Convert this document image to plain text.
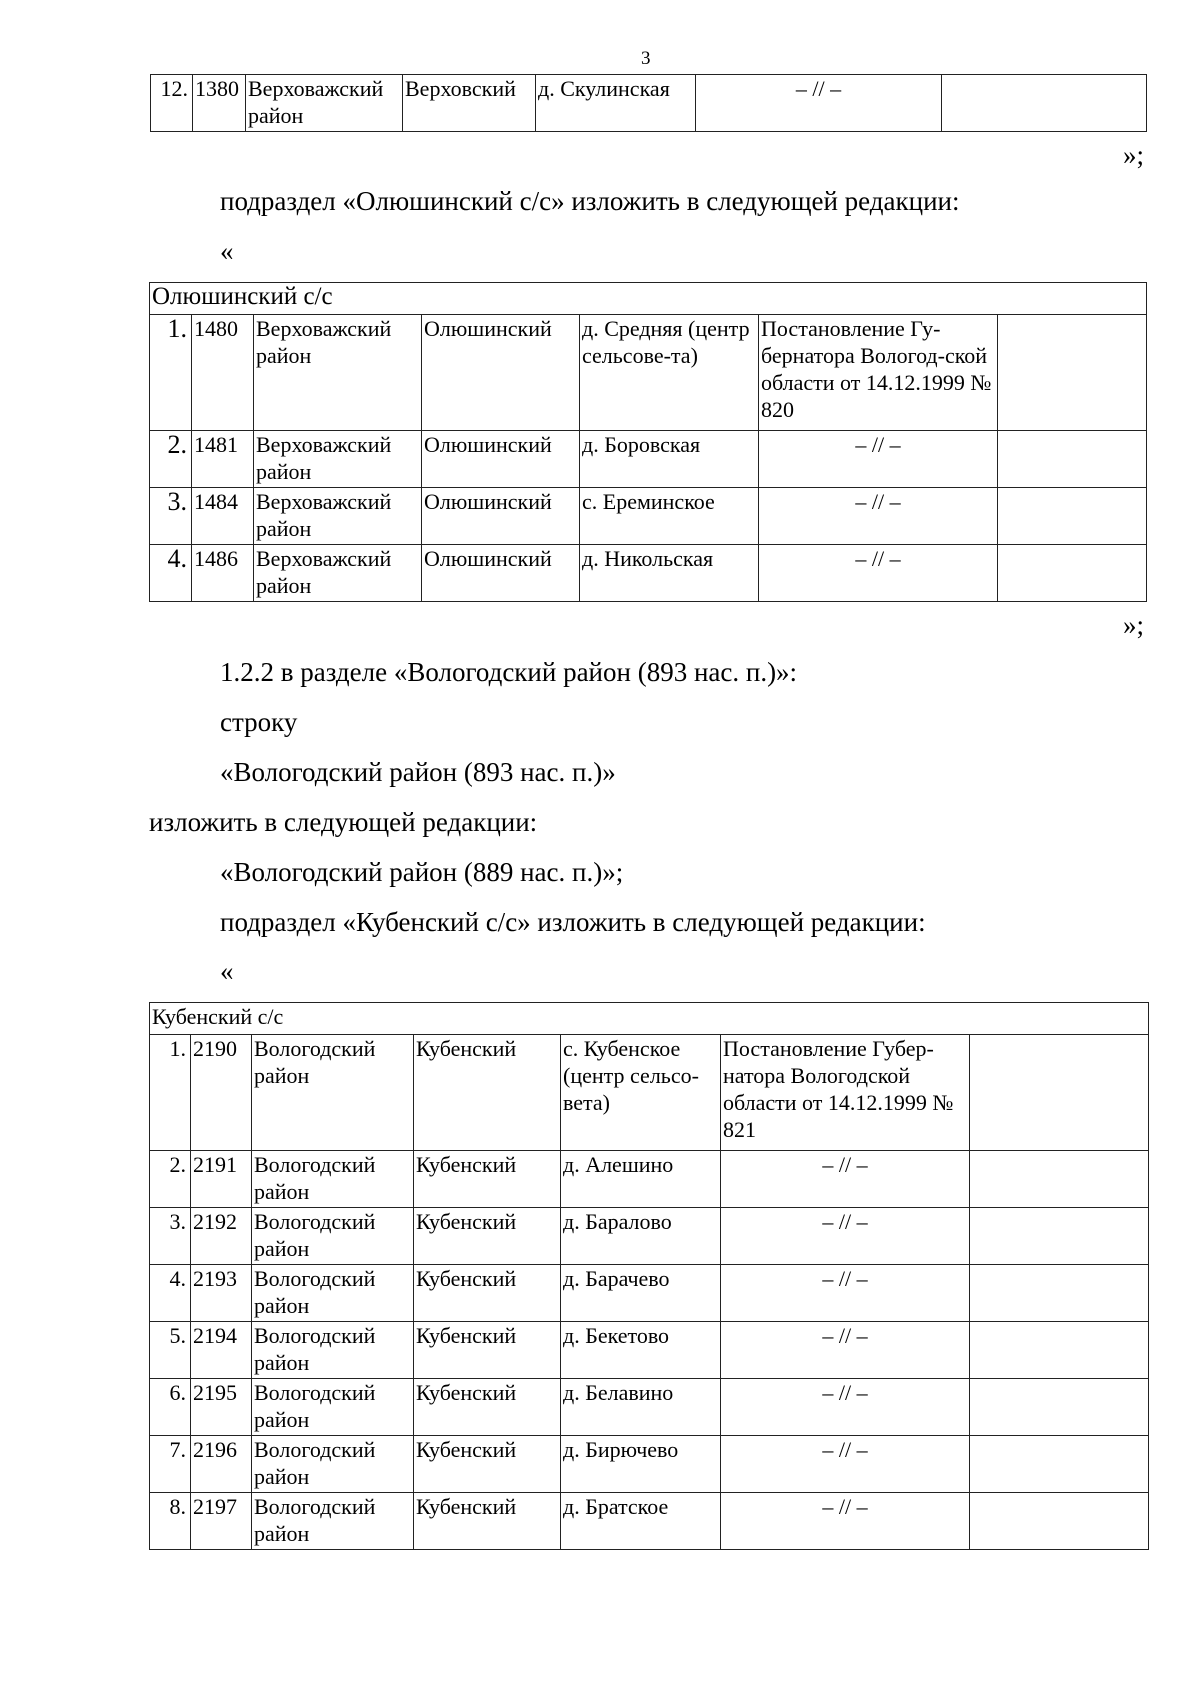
3
12.	1380	Верховажский район	Верховский	д. Скулинская	– // –	
»;
подраздел «Олюшинский с/с» изложить в следующей редакции:
«
Олюшинский с/с						
1.	1480	Верховажский район	Олюшинский	д. Средняя (центр сельсове-та)	Постановление Гу-бернатора Вологод-ской области от 14.12.1999 № 820	
2.	1481	Верховажский район	Олюшинский	д. Боровская	– // –	
3.	1484	Верховажский район	Олюшинский	с. Ереминское	– // –	
4.	1486	Верховажский район	Олюшинский	д. Никольская	– // –	
»;
1.2.2 в разделе «Вологодский район (893 нас. п.)»:
строку
«Вологодский район (893 нас. п.)»
изложить в следующей редакции:
«Вологодский район (889 нас. п.)»;
подраздел «Кубенский с/с» изложить в следующей редакции:
«
Кубенский с/с						
1.	2190	Вологодский район	Кубенский	с. Кубенское (центр сельсо-вета)	Постановление Губер-натора Вологодской области от 14.12.1999 № 821	
2.	2191	Вологодский район	Кубенский	д. Алешино	– // –	
3.	2192	Вологодский район	Кубенский	д. Баралово	– // –	
4.	2193	Вологодский район	Кубенский	д. Барачево	– // –	
5.	2194	Вологодский район	Кубенский	д. Бекетово	– // –	
6.	2195	Вологодский район	Кубенский	д. Белавино	– // –	
7.	2196	Вологодский район	Кубенский	д. Бирючево	– // –	
8.	2197	Вологодский район	Кубенский	д. Братское	– // –	
